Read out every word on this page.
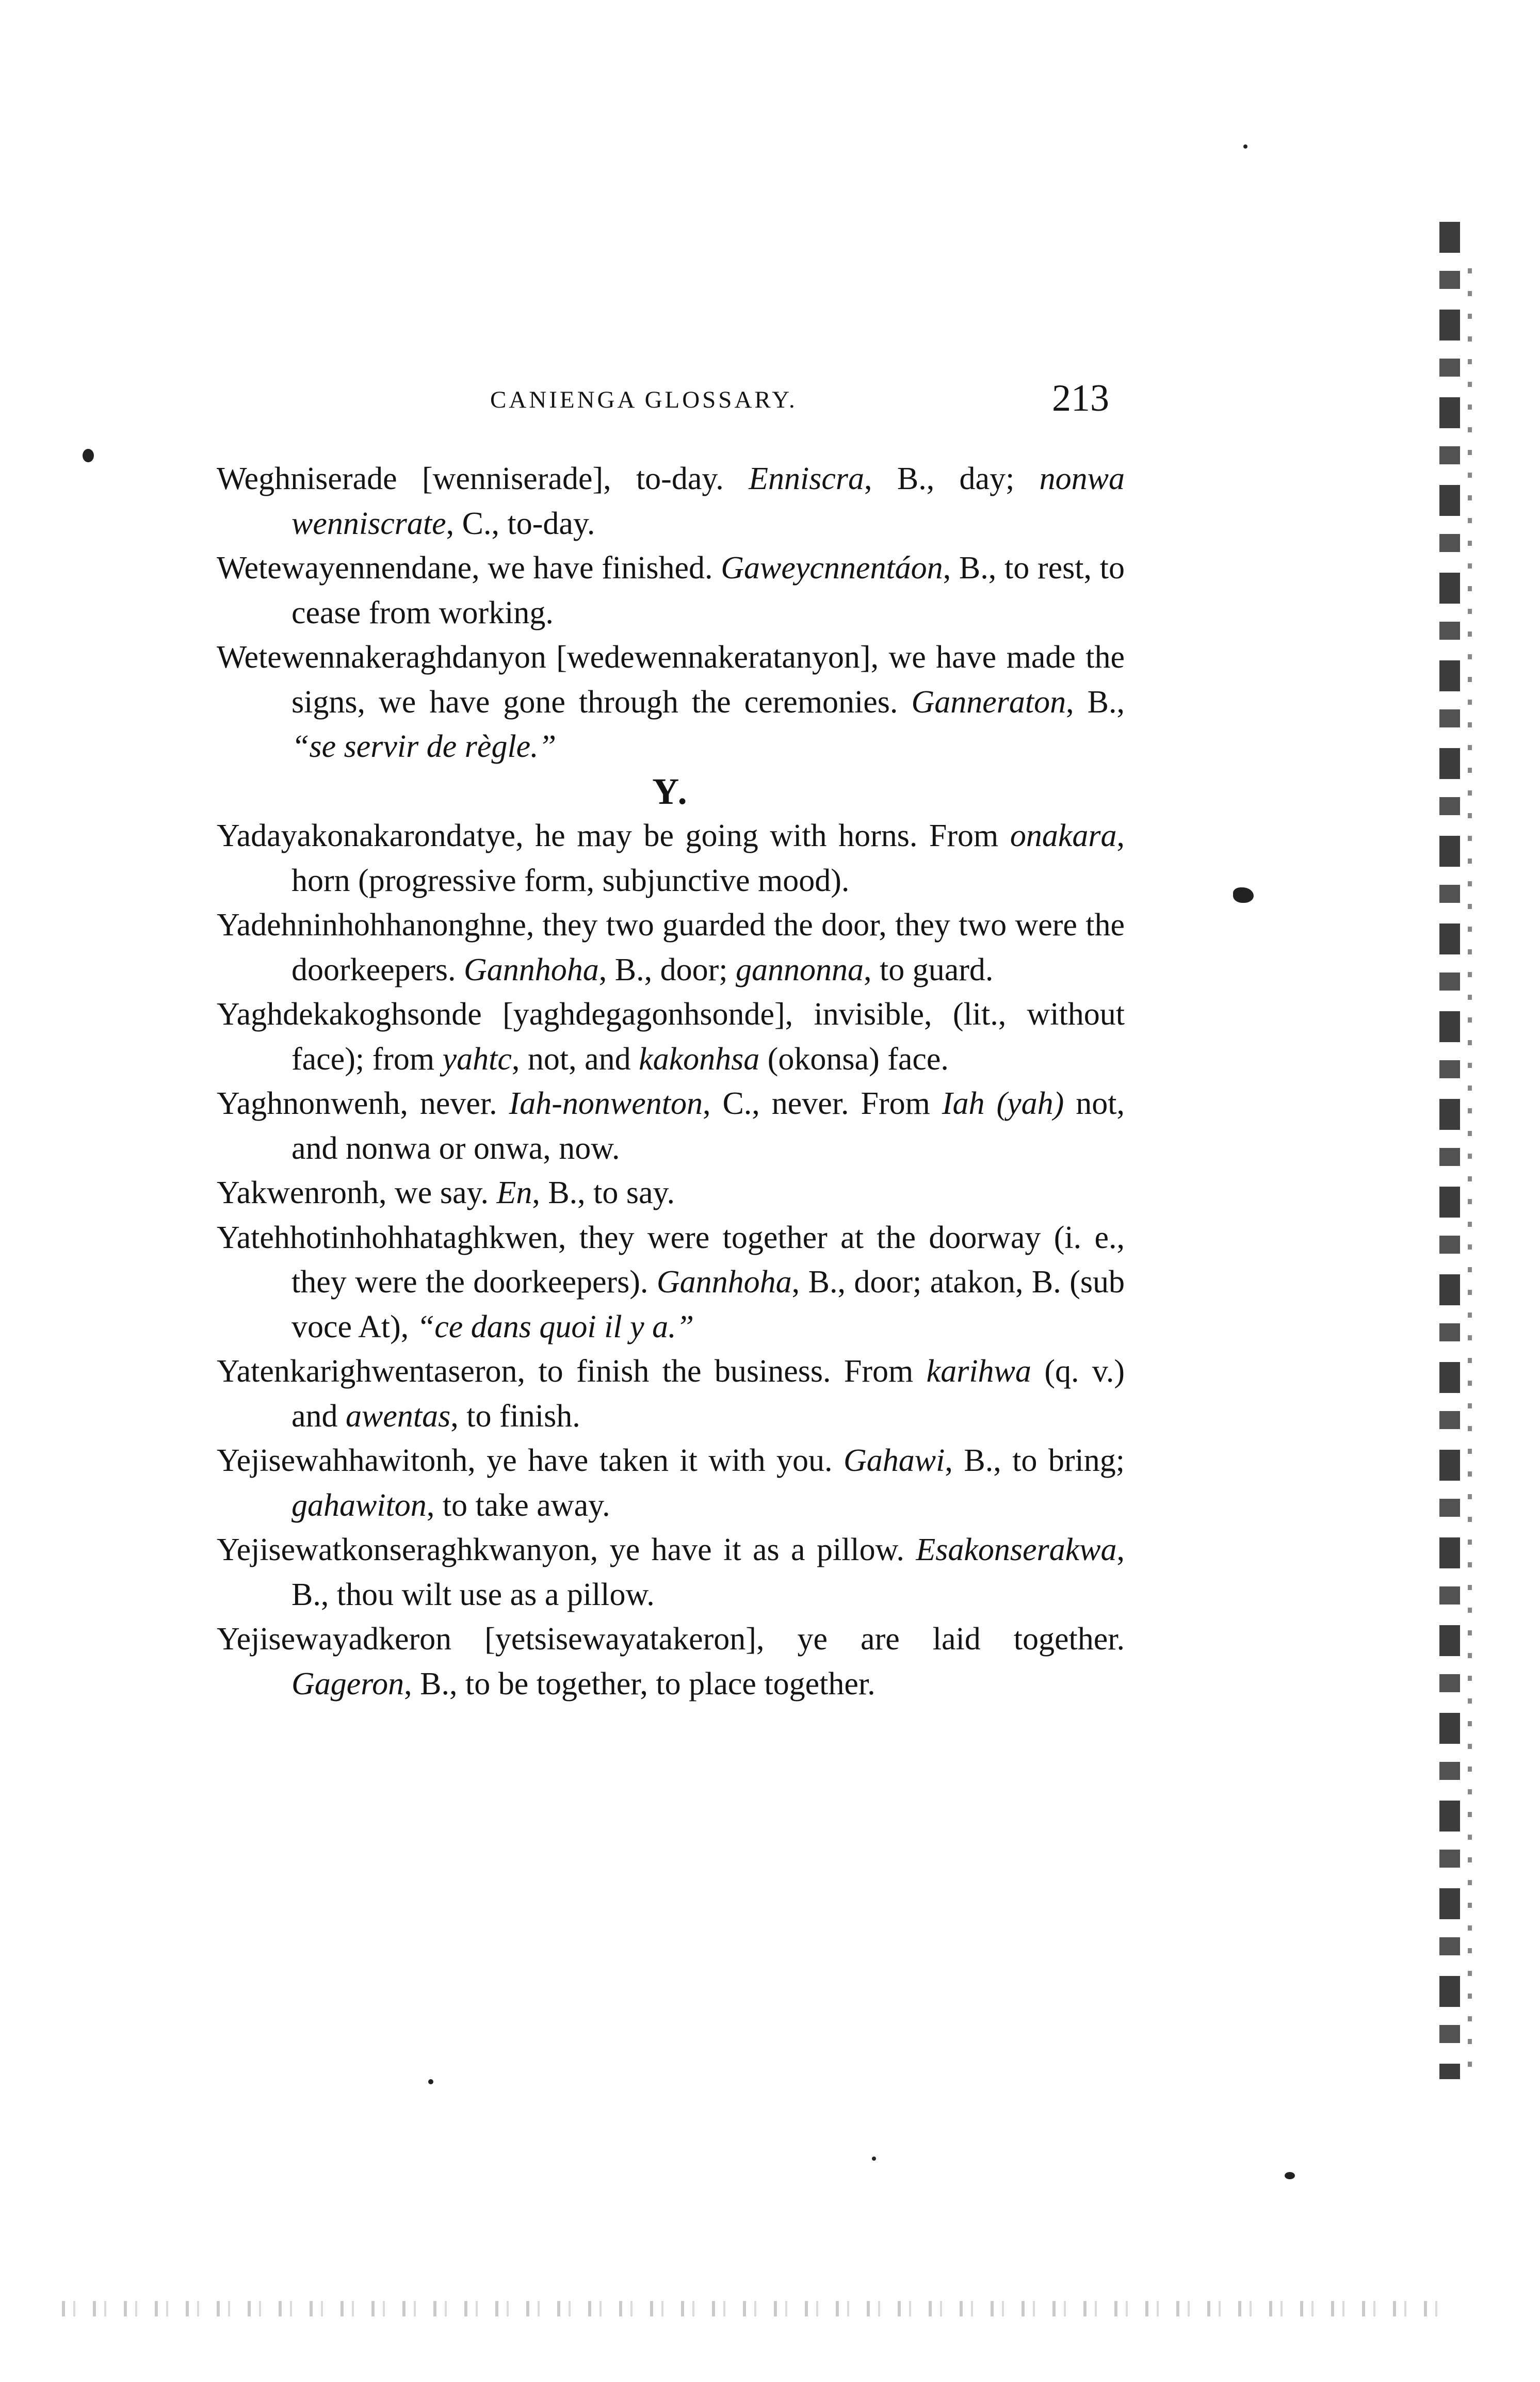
CANIENGA GLOSSARY.	213

Weghniserade [wenniserade], to-day. Enniscra, B., day; nonwa wenniscrate, C., to-day.

Wetewayennendane, we have finished. Gaweycnnentáon, B., to rest, to cease from working.

Wetewennakeraghdanyon [wedewennakeratanyon], we have made the signs, we have gone through the ceremonies. Ganneraton, B., “se servir de règle.”

Y.

Yadayakonakarondatye, he may be going with horns. From onakara, horn (progressive form, subjunctive mood).

Yadehninhohhanonghne, they two guarded the door, they two were the doorkeepers. Gannhoha, B., door; gannonna, to guard.

Yaghdekakoghsonde [yaghdegagonhsonde], invisible, (lit., without face); from yahtc, not, and kakonhsa (okonsa) face.

Yaghnonwenh, never. Iah-nonwenton, C., never. From Iah (yah) not, and nonwa or onwa, now.

Yakwenronh, we say. En, B., to say.

Yatehhotinhohhataghkwen, they were together at the doorway (i. e., they were the doorkeepers). Gannhoha, B., door; atakon, B. (sub voce At), “ce dans quoi il y a.”

Yatenkarighwentaseron, to finish the business. From karihwa (q. v.) and awentas, to finish.

Yejisewahhawitonh, ye have taken it with you. Gahawi, B., to bring; gahawiton, to take away.

Yejisewatkonseraghkwanyon, ye have it as a pillow. Esakonserakwa, B., thou wilt use as a pillow.

Yejisewayadkeron [yetsisewayatakeron], ye are laid together. Gageron, B., to be together, to place together.
